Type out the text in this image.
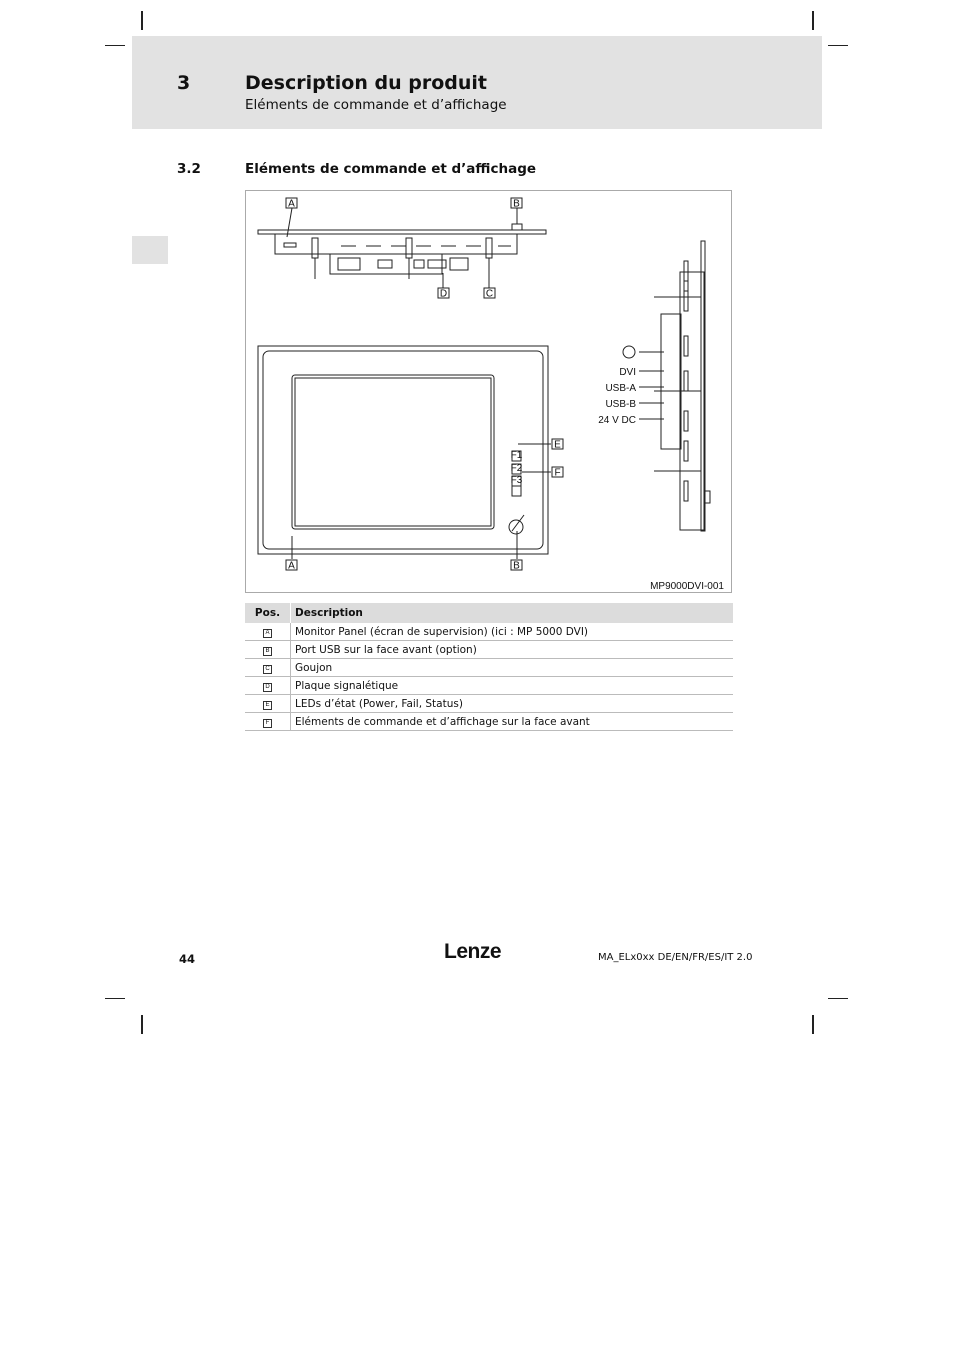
3	Description du produit
Eléments de commande et d’affichage
3.2	Eléments de commande et d’affichage
A	B
D	C
E
F
A	B
F1
F2
F3
DVI
USB-A
USB-B
24 V DC
MP9000DVI-001
Pos.	Description
A	Monitor Panel (écran de supervision) (ici : MP 5000 DVI)
B	Port USB sur la face avant (option)
C	Goujon
D	Plaque signalétique
E	LEDs d’état (Power, Fail, Status)
F	Eléments de commande et d’affichage sur la face avant
44	Lenze	MA_ELx0xx DE/EN/FR/ES/IT 2.0
